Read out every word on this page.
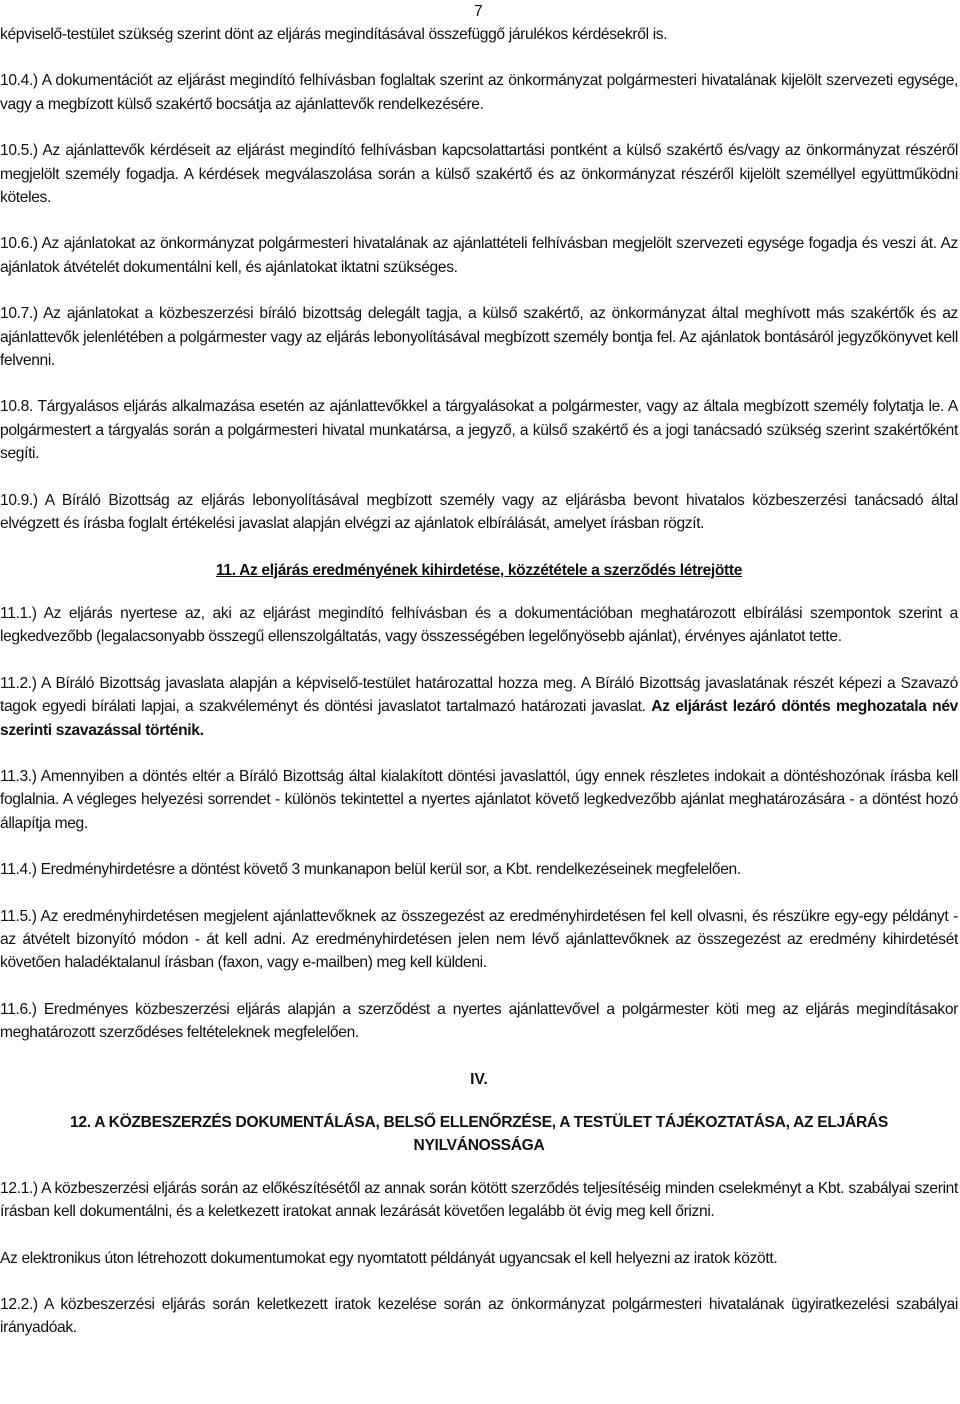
7

képviselő-testület szükség szerint dönt az eljárás megindításával összefüggő járulékos kérdésekről is.

10.4.) A dokumentációt az eljárást megindító felhívásban foglaltak szerint az önkormányzat polgármesteri hivatalának kijelölt szervezeti egysége, vagy a megbízott külső szakértő bocsátja az ajánlattevők rendelkezésére.

10.5.) Az ajánlattevők kérdéseit az eljárást megindító felhívásban kapcsolattartási pontként a külső szakértő és/vagy az önkormányzat részéről megjelölt személy fogadja. A kérdések megválaszolása során a külső szakértő és az önkormányzat részéről kijelölt személlyel együttműködni köteles.

10.6.) Az ajánlatokat az önkormányzat polgármesteri hivatalának az ajánlattételi felhívásban megjelölt szervezeti egysége fogadja és veszi át. Az ajánlatok átvételét dokumentálni kell, és ajánlatokat iktatni szükséges.

10.7.) Az ajánlatokat a közbeszerzési bíráló bizottság delegált tagja, a külső szakértő, az önkormányzat által meghívott más szakértők és az ajánlattevők jelenlétében a polgármester vagy az eljárás lebonyolításával megbízott személy bontja fel. Az ajánlatok bontásáról jegyzőkönyvet kell felvenni.

10.8. Tárgyalásos eljárás alkalmazása esetén az ajánlattevőkkel a tárgyalásokat a polgármester, vagy az általa megbízott személy folytatja le. A polgármestert a tárgyalás során a polgármesteri hivatal munkatársa, a jegyző, a külső szakértő és a jogi tanácsadó szükség szerint szakértőként segíti.

10.9.) A Bíráló Bizottság az eljárás lebonyolításával megbízott személy vagy az eljárásba bevont hivatalos közbeszerzési tanácsadó által elvégzett és írásba foglalt értékelési javaslat alapján elvégzi az ajánlatok elbírálását, amelyet írásban rögzít.

11. Az eljárás eredményének kihirdetése, közzététele a szerződés létrejötte

11.1.) Az eljárás nyertese az, aki az eljárást megindító felhívásban és a dokumentációban meghatározott elbírálási szempontok szerint a legkedvezőbb (legalacsonyabb összegű ellenszolgáltatás, vagy összességében legelőnyösebb ajánlat), érvényes ajánlatot tette.

11.2.) A Bíráló Bizottság javaslata alapján a képviselő-testület határozattal hozza meg. A Bíráló Bizottság javaslatának részét képezi a Szavazó tagok egyedi bírálati lapjai, a szakvéleményt és döntési javaslatot tartalmazó határozati javaslat. Az eljárást lezáró döntés meghozatala név szerinti szavazással történik.

11.3.) Amennyiben a döntés eltér a Bíráló Bizottság által kialakított döntési javaslattól, úgy ennek részletes indokait a döntéshozónak írásba kell foglalnia. A végleges helyezési sorrendet - különös tekintettel a nyertes ajánlatot követő legkedvezőbb ajánlat meghatározására - a döntést hozó állapítja meg.

11.4.) Eredményhirdetésre a döntést követő 3 munkanapon belül kerül sor, a Kbt. rendelkezéseinek megfelelően.

11.5.) Az eredményhirdetésen megjelent ajánlattevőknek az összegezést az eredményhirdetésen fel kell olvasni, és részükre egy-egy példányt - az átvételt bizonyító módon - át kell adni. Az eredményhirdetésen jelen nem lévő ajánlattevőknek az összegezést az eredmény kihirdetését követően haladéktalanul írásban (faxon, vagy e-mailben) meg kell küldeni.

11.6.) Eredményes közbeszerzési eljárás alapján a szerződést a nyertes ajánlattevővel a polgármester köti meg az eljárás megindításakor meghatározott szerződéses feltételeknek megfelelően.

IV.
12. A KÖZBESZERZÉS DOKUMENTÁLÁSA, BELSŐ ELLENŐRZÉSE, A TESTÜLET TÁJÉKOZTATÁSA, AZ ELJÁRÁS NYILVÁNOSSÁGA

12.1.) A közbeszerzési eljárás során az előkészítésétől az annak során kötött szerződés teljesítéséig minden cselekményt a Kbt. szabályai szerint írásban kell dokumentálni, és a keletkezett iratokat annak lezárását követően legalább öt évig meg kell őrizni.

Az elektronikus úton létrehozott dokumentumokat egy nyomtatott példányát ugyancsak el kell helyezni az iratok között.

12.2.) A közbeszerzési eljárás során keletkezett iratok kezelése során az önkormányzat polgármesteri hivatalának ügyiratkezelési szabályai irányadóak.
